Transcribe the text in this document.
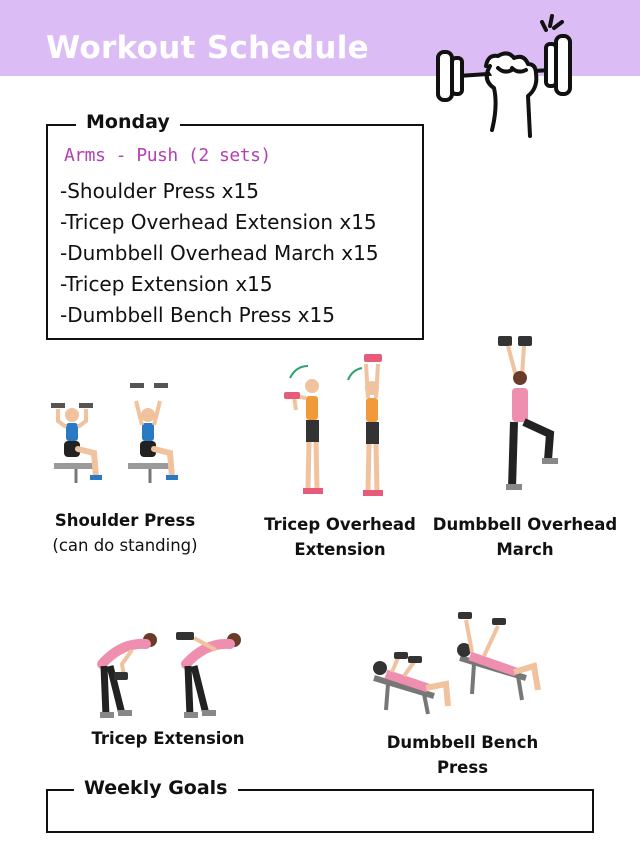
Workout Schedule
Monday
Arms - Push (2 sets)
-Shoulder Press x15
-Tricep Overhead Extension x15
-Dumbbell Overhead March x15
-Tricep Extension x15
-Dumbbell Bench Press x15
Shoulder Press
(can do standing)
Tricep Overhead
Extension
Dumbbell Overhead
March
Tricep Extension	Dumbbell Bench
Press
Weekly Goals
